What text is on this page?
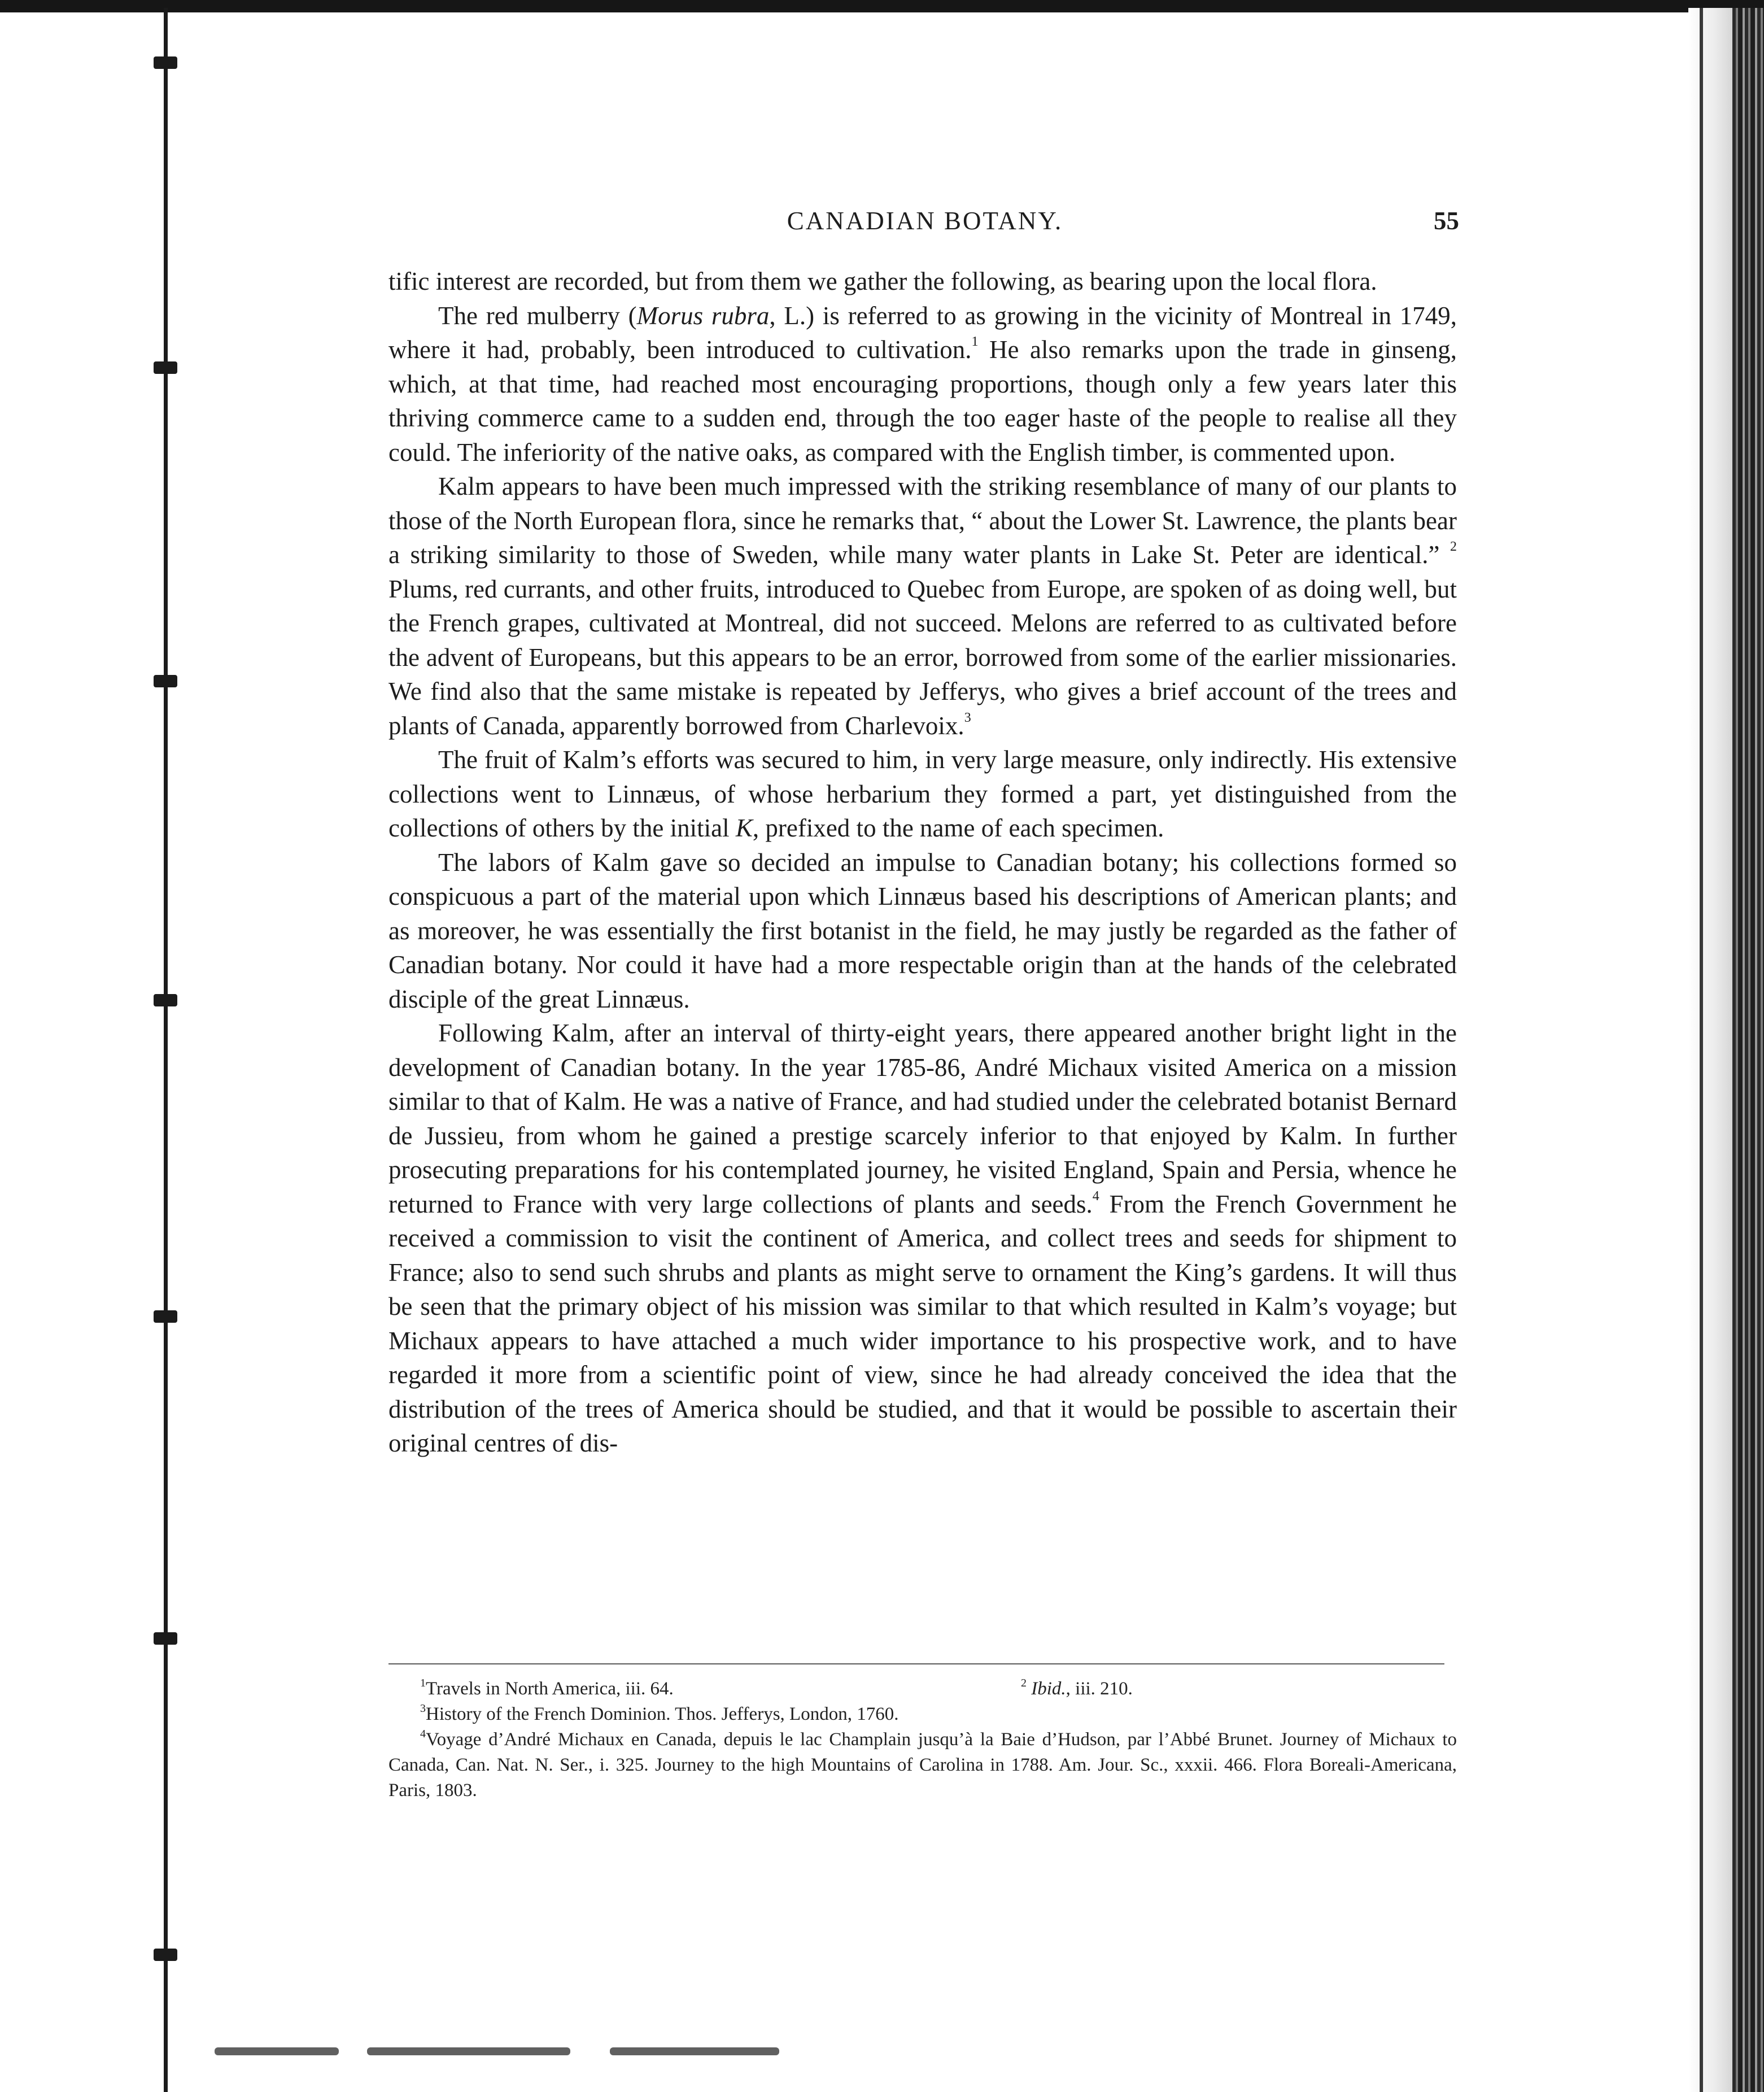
CANADIAN BOTANY.	55

tific interest are recorded, but from them we gather the following, as bearing upon the local flora.

The red mulberry (Morus rubra, L.) is referred to as growing in the vicinity of Montreal in 1749, where it had, probably, been introduced to cultivation.$^1$ He also remarks upon the trade in ginseng, which, at that time, had reached most encouraging proportions, though only a few years later this thriving commerce came to a sudden end, through the too eager haste of the people to realise all they could. The inferiority of the native oaks, as compared with the English timber, is commented upon.

Kalm appears to have been much impressed with the striking resemblance of many of our plants to those of the North European flora, since he remarks that, “ about the Lower St. Lawrence, the plants bear a striking similarity to those of Sweden, while many water plants in Lake St. Peter are identical.” $^2$ Plums, red currants, and other fruits, introduced to Quebec from Europe, are spoken of as doing well, but the French grapes, cultivated at Montreal, did not succeed. Melons are referred to as cultivated before the advent of Europeans, but this appears to be an error, borrowed from some of the earlier missionaries. We find also that the same mistake is repeated by Jefferys, who gives a brief account of the trees and plants of Canada, apparently borrowed from Charlevoix.$^3$

The fruit of Kalm’s efforts was secured to him, in very large measure, only indirectly. His extensive collections went to Linnæus, of whose herbarium they formed a part, yet distinguished from the collections of others by the initial K, prefixed to the name of each specimen.

The labors of Kalm gave so decided an impulse to Canadian botany; his collections formed so conspicuous a part of the material upon which Linnæus based his descriptions of American plants; and as moreover, he was essentially the first botanist in the field, he may justly be regarded as the father of Canadian botany. Nor could it have had a more respectable origin than at the hands of the celebrated disciple of the great Linnæus.

Following Kalm, after an interval of thirty-eight years, there appeared another bright light in the development of Canadian botany. In the year 1785-86, André Michaux visited America on a mission similar to that of Kalm. He was a native of France, and had studied under the celebrated botanist Bernard de Jussieu, from whom he gained a prestige scarcely inferior to that enjoyed by Kalm. In further prosecuting preparations for his contemplated journey, he visited England, Spain and Persia, whence he returned to France with very large collections of plants and seeds.$^4$ From the French Government he received a commission to visit the continent of America, and collect trees and seeds for shipment to France; also to send such shrubs and plants as might serve to ornament the King’s gardens. It will thus be seen that the primary object of his mission was similar to that which resulted in Kalm’s voyage; but Michaux appears to have attached a much wider importance to his prospective work, and to have regarded it more from a scientific point of view, since he had already conceived the idea that the distribution of the trees of America should be studied, and that it would be possible to ascertain their original centres of dis-

$^1$Travels in North America, iii. 64.	$^2$ Ibid., iii. 210.
$^3$History of the French Dominion. Thos. Jefferys, London, 1760.
$^4$Voyage d’André Michaux en Canada, depuis le lac Champlain jusqu’à la Baie d’Hudson, par l’Abbé Brunet. Journey of Michaux to Canada, Can. Nat. N. Ser., i. 325. Journey to the high Mountains of Carolina in 1788. Am. Jour. Sc., xxxii. 466. Flora Boreali-Americana, Paris, 1803.
